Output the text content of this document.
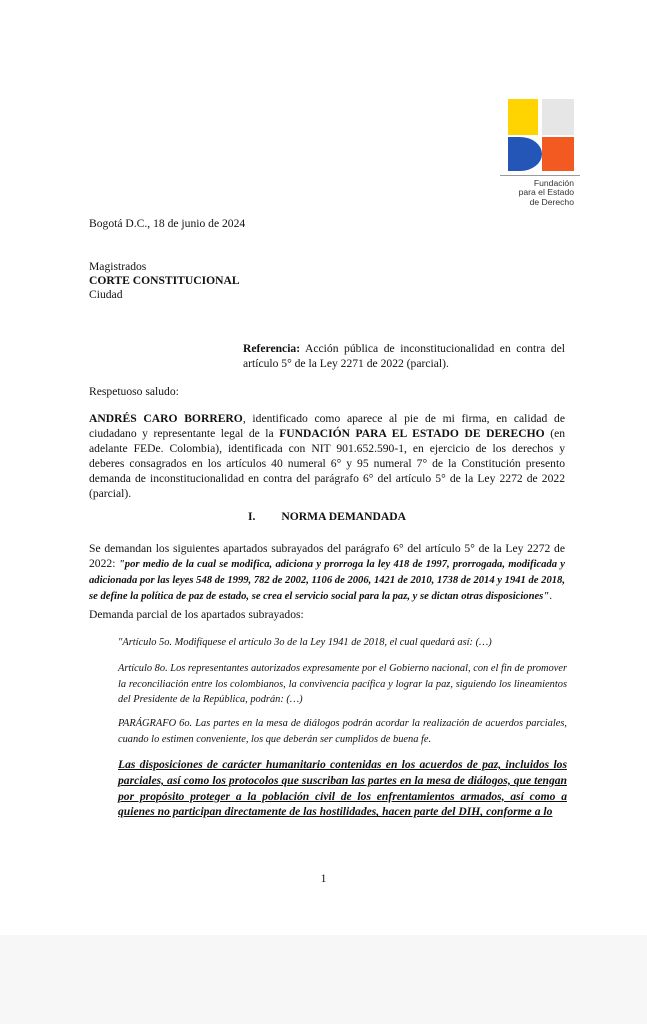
Fundación
para el Estado
de Derecho

Bogotá D.C., 18 de junio de 2024

Magistrados

CORTE CONSTITUCIONAL

Ciudad

Referencia: Acción pública de inconstitucionalidad en contra del artículo 5° de la Ley 2271 de 2022 (parcial).

Respetuoso saludo:

ANDRÉS CARO BORRERO, identificado como aparece al pie de mi firma, en calidad de ciudadano y representante legal de la FUNDACIÓN PARA EL ESTADO DE DERECHO (en adelante FEDe. Colombia), identificada con NIT 901.652.590-1, en ejercicio de los derechos y deberes consagrados en los artículos 40 numeral 6° y 95 numeral 7° de la Constitución presento demanda de inconstitucionalidad en contra del parágrafo 6° del artículo 5° de la Ley 2272 de 2022 (parcial).

I. NORMA DEMANDADA

Se demandan los siguientes apartados subrayados del parágrafo 6° del artículo 5° de la Ley 2272 de 2022: "por medio de la cual se modifica, adiciona y prorroga la ley 418 de 1997, prorrogada, modificada y adicionada por las leyes 548 de 1999, 782 de 2002, 1106 de 2006, 1421 de 2010, 1738 de 2014 y 1941 de 2018, se define la política de paz de estado, se crea el servicio social para la paz, y se dictan otras disposiciones".

Demanda parcial de los apartados subrayados:

"Artículo 5o. Modifíquese el artículo 3o de la Ley 1941 de 2018, el cual quedará así: (…)

Artículo 8o. Los representantes autorizados expresamente por el Gobierno nacional, con el fin de promover la reconciliación entre los colombianos, la convivencia pacífica y lograr la paz, siguiendo los lineamientos del Presidente de la República, podrán: (…)

PARÁGRAFO 6o. Las partes en la mesa de diálogos podrán acordar la realización de acuerdos parciales, cuando lo estimen conveniente, los que deberán ser cumplidos de buena fe.

Las disposiciones de carácter humanitario contenidas en los acuerdos de paz, incluidos los parciales, así como los protocolos que suscriban las partes en la mesa de diálogos, que tengan por propósito proteger a la población civil de los enfrentamientos armados, así como a quienes no participan directamente de las hostilidades, hacen parte del DIH, conforme a lo

1
